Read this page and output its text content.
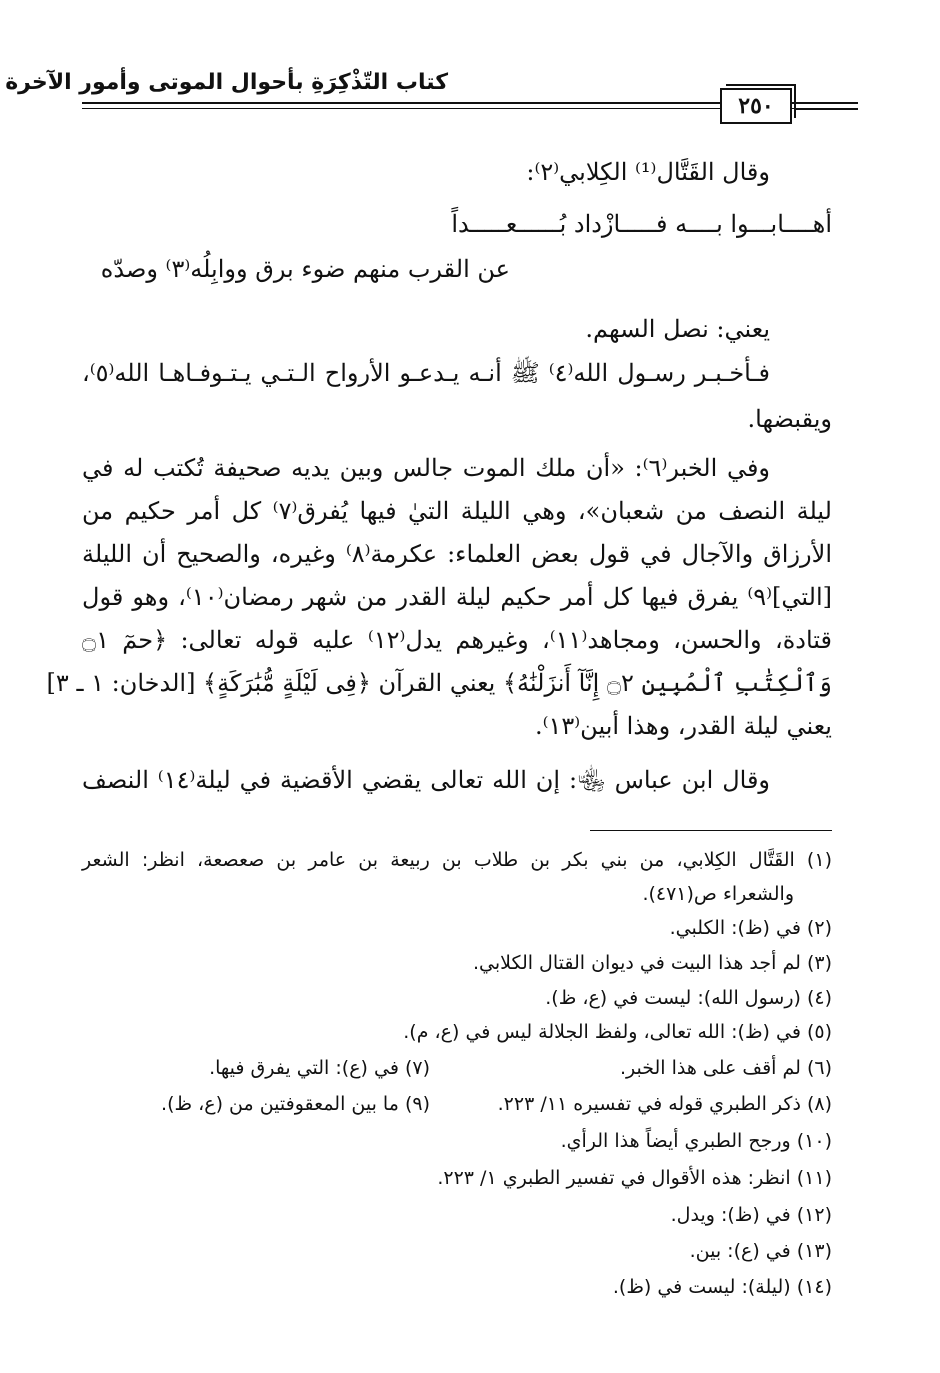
كتاب التّذْكِرَةِ بأحوال الموتى وأمور الآخرة
٢٥٠
وقال القَتَّال⁽¹⁾ الكِلابي⁽٢⁾:
أهــــابـــوا بــــه فـــــازْداد بُــــــعـــــداً
عن القرب منهم ضوء برق ووابِلُه⁽٣⁾ وصدّه
يعني: نصل السهم.
فـأخـبـر رسـول الله⁽٤⁾ ﷺ أنـه يـدعـو الأرواح الـتـي يـتـوفـاهـا الله⁽٥⁾،
ويقبضها.
وفي الخبر⁽٦⁾: «أن ملك الموت جالس وبين يديه صحيفة تُكتب له في
ليلة النصف من شعبان»، وهي الليلة التيٰ فيها يُفرق⁽٧⁾ كل أمر حكيم من
الأرزاق والآجال في قول بعض العلماء: عكرمة⁽٨⁾ وغيره، والصحيح أن الليلة
[التي]⁽٩⁾ يفرق فيها كل أمر حكيم ليلة القدر من شهر رمضان⁽١٠⁾، وهو قول
قتادة، والحسن، ومجاهد⁽١١⁾، وغيرهم يدل⁽١٢⁾ عليه قوله تعالى: ﴿حمٓ ۝١
وَٱلْكِتَٰبِ ٱلْمُبِينِ ۝٢ إِنَّآ أَنزَلْنَٰهُ﴾ يعني القرآن ﴿فِى لَيْلَةٍ مُّبَٰرَكَةٍ﴾ [الدخان: ١ ـ ٣]
يعني ليلة القدر، وهذا أبين⁽١٣⁾.
وقال ابن عباس ﵄: إن الله تعالى يقضي الأقضية في ليلة⁽١٤⁾ النصف
(١) القَتَّال الكِلابي، من بني بكر بن طلاب بن ربيعة بن عامر بن صعصعة، انظر: الشعر
والشعراء ص(٤٧١).
(٢) في (ظ): الكلبي.
(٣) لم أجد هذا البيت في ديوان القتال الكلابي.
(٤) (رسول الله): ليست في (ع، ظ).
(٥) في (ظ): الله تعالى، ولفظ الجلالة ليس في (ع، م).
(٦) لم أقف على هذا الخبر.
(٧) في (ع): التي يفرق فيها.
(٨) ذكر الطبري قوله في تفسيره ١١/ ٢٢٣.
(٩) ما بين المعقوفتين من (ع، ظ).
(١٠) ورجح الطبري أيضاً هذا الرأي.
(١١) انظر: هذه الأقوال في تفسير الطبري ١/ ٢٢٣.
(١٢) في (ظ): ويدل.
(١٣) في (ع): بين.
(١٤) (ليلة): ليست في (ظ).
